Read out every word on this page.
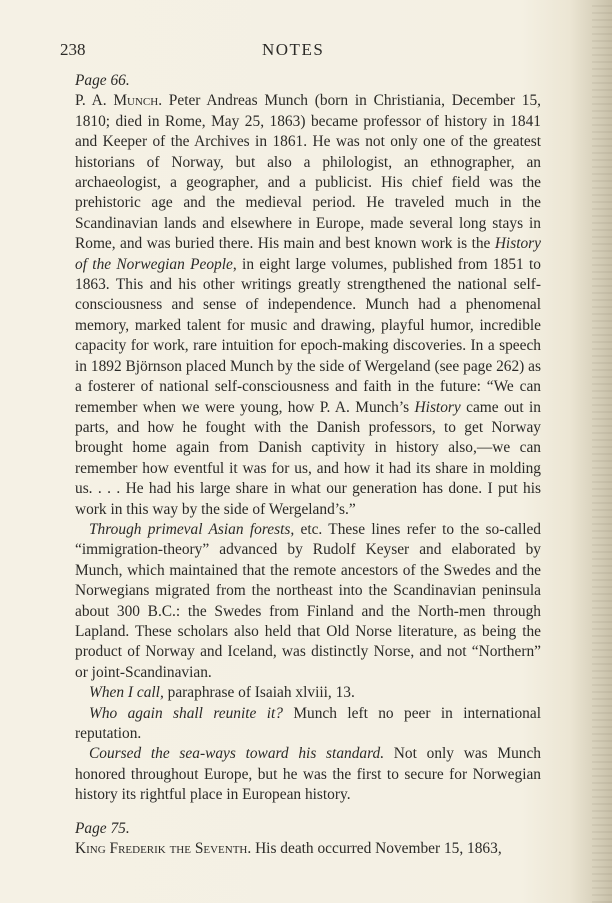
238	NOTES

Page 66.

P. A. Munch. Peter Andreas Munch (born in Christiania, December 15, 1810; died in Rome, May 25, 1863) became professor of history in 1841 and Keeper of the Archives in 1861. He was not only one of the greatest historians of Norway, but also a philologist, an ethnographer, an archaeologist, a geographer, and a publicist. His chief field was the prehistoric age and the medieval period. He traveled much in the Scandinavian lands and elsewhere in Europe, made several long stays in Rome, and was buried there. His main and best known work is the History of the Norwegian People, in eight large volumes, published from 1851 to 1863. This and his other writings greatly strengthened the national self-consciousness and sense of independence. Munch had a phenomenal memory, marked talent for music and drawing, playful humor, incredible capacity for work, rare intuition for epoch-making discoveries. In a speech in 1892 Björnson placed Munch by the side of Wergeland (see page 262) as a fosterer of national self-consciousness and faith in the future: “We can remember when we were young, how P. A. Munch’s History came out in parts, and how he fought with the Danish professors, to get Norway brought home again from Danish captivity in history also,—we can remember how eventful it was for us, and how it had its share in molding us. . . . He had his large share in what our generation has done. I put his work in this way by the side of Wergeland’s.”

Through primeval Asian forests, etc. These lines refer to the so-called “immigration-theory” advanced by Rudolf Keyser and elaborated by Munch, which maintained that the remote ancestors of the Swedes and the Norwegians migrated from the northeast into the Scandinavian peninsula about 300 B.C.: the Swedes from Finland and the North-men through Lapland. These scholars also held that Old Norse literature, as being the product of Norway and Iceland, was distinctly Norse, and not “Northern” or joint-Scandinavian.

When I call, paraphrase of Isaiah xlviii, 13.

Who again shall reunite it? Munch left no peer in international reputation.

Coursed the sea-ways toward his standard. Not only was Munch honored throughout Europe, but he was the first to secure for Norwegian history its rightful place in European history.

Page 75.

King Frederik the Seventh. His death occurred November 15, 1863,
